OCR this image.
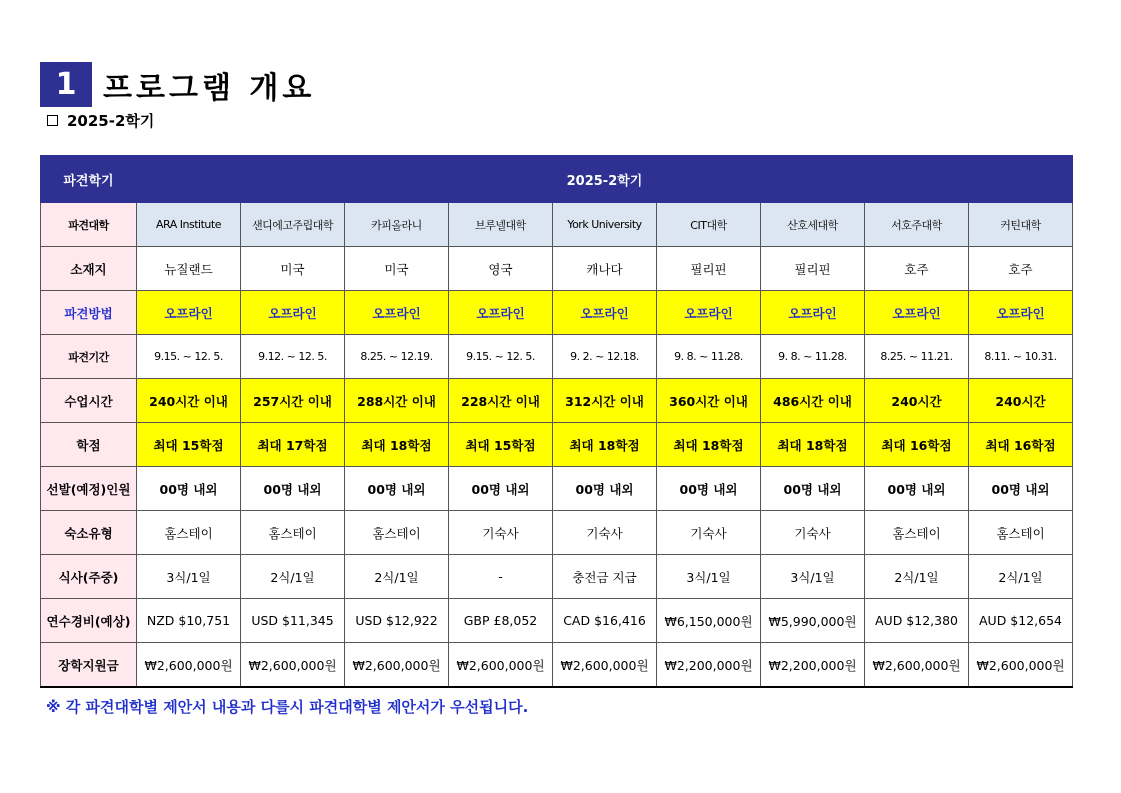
1 프로그램 개요
2025-2학기
파견학기	2025-2학기								
파견대학	ARA Institute	샌디에고주립대학	카피올라니	브루넬대학	York University	CIT대학	산호세대학	서호주대학	커틴대학
소재지	뉴질랜드	미국	미국	영국	캐나다	필리핀	필리핀	호주	호주
파견방법	오프라인	오프라인	오프라인	오프라인	오프라인	오프라인	오프라인	오프라인	오프라인
파견기간	9.15. ~ 12. 5.	9.12. ~ 12. 5.	8.25. ~ 12.19.	9.15. ~ 12. 5.	9. 2. ~ 12.18.	9. 8. ~ 11.28.	9. 8. ~ 11.28.	8.25. ~ 11.21.	8.11. ~ 10.31.
수업시간	240시간 이내	257시간 이내	288시간 이내	228시간 이내	312시간 이내	360시간 이내	486시간 이내	240시간	240시간
학점	최대 15학점	최대 17학점	최대 18학점	최대 15학점	최대 18학점	최대 18학점	최대 18학점	최대 16학점	최대 16학점
선발(예정)인원	00명 내외	00명 내외	00명 내외	00명 내외	00명 내외	00명 내외	00명 내외	00명 내외	00명 내외
숙소유형	홈스테이	홈스테이	홈스테이	기숙사	기숙사	기숙사	기숙사	홈스테이	홈스테이
식사(주중)	3식/1일	2식/1일	2식/1일	-	충전금 지급	3식/1일	3식/1일	2식/1일	2식/1일
연수경비(예상)	NZD $10,751	USD $11,345	USD $12,922	GBP £8,052	CAD $16,416	₩6,150,000원	₩5,990,000원	AUD $12,380	AUD $12,654
장학지원금	₩2,600,000원	₩2,600,000원	₩2,600,000원	₩2,600,000원	₩2,600,000원	₩2,200,000원	₩2,200,000원	₩2,600,000원	₩2,600,000원
※ 각 파견대학별 제안서 내용과 다를시 파견대학별 제안서가 우선됩니다.
